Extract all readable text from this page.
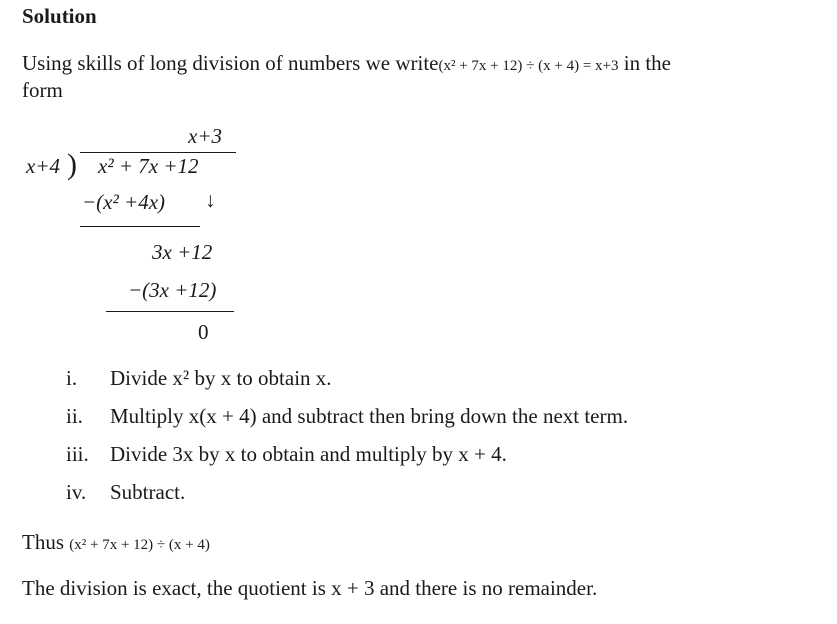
Solution
Using skills of long division of numbers we write(x² + 7x + 12) ÷ (x + 4) = x+3 in the
form
x+3
x+4 ) x² + 7x +12
−(x² +4x) ↓
3x +12
−(3x +12)
0
i. Divide x² by x to obtain x.
ii. Multiply x(x + 4) and subtract then bring down the next term.
iii. Divide 3x by x to obtain and multiply by x + 4.
iv. Subtract.
Thus (x² + 7x + 12) ÷ (x + 4)
The division is exact, the quotient is x + 3 and there is no remainder.
